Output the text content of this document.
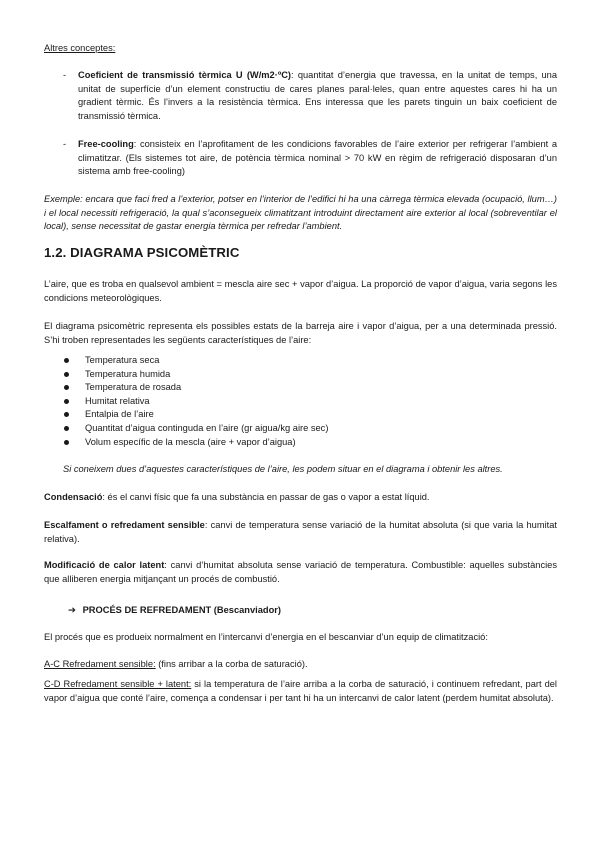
Altres conceptes:

- Coeficient de transmissió tèrmica U (W/m2·ºC): quantitat d’energia que travessa, en la unitat de temps, una unitat de superfície d’un element constructiu de cares planes paral·leles, quan entre aquestes cares hi ha un gradient tèrmic. És l’invers a la resistència tèrmica. Ens interessa que les parets tinguin un baix coeficient de transmissió tèrmica.

- Free-cooling: consisteix en l’aprofitament de les condicions favorables de l’aire exterior per refrigerar l’ambient a climatitzar. (Els sistemes tot aire, de potència tèrmica nominal > 70 kW en règim de refrigeració disposaran d’un sistema amb free-cooling)

Exemple: encara que faci fred a l’exterior, potser en l’interior de l’edifici hi ha una càrrega tèrmica elevada (ocupació, llum…) i el local necessiti refrigeració, la qual s’aconsegueix climatitzant introduint directament aire exterior al local (sobreventilar el local), sense necessitat de gastar energia tèrmica per refredar l’ambient.

1.2. DIAGRAMA PSICOMÈTRIC

L’aire, que es troba en qualsevol ambient = mescla aire sec + vapor d’aigua. La proporció de vapor d’aigua, varia segons les condicions meteorològiques.

El diagrama psicomètric representa els possibles estats de la barreja aire i vapor d’aigua, per a una determinada pressió. S’hi troben representades les següents característiques de l’aire:

Temperatura seca
Temperatura humida
Temperatura de rosada
Humitat relativa
Entalpia de l’aire
Quantitat d’aigua continguda en l’aire (gr aigua/kg aire sec)
Volum específic de la mescla (aire + vapor d’aigua)

Si coneixem dues d’aquestes característiques de l’aire, les podem situar en el diagrama i obtenir les altres.

Condensació: és el canvi físic que fa una substància en passar de gas o vapor a estat líquid.

Escalfament o refredament sensible: canvi de temperatura sense variació de la humitat absoluta (si que varia la humitat relativa).

Modificació de calor latent: canvi d’humitat absoluta sense variació de temperatura. Combustible: aquelles substàncies que alliberen energia mitjançant un procés de combustió.

➔ PROCÉS DE REFREDAMENT (Bescanviador)

El procés que es produeix normalment en l’intercanvi d’energia en el bescanviar d’un equip de climatització:

A-C Refredament sensible: (fins arribar a la corba de saturació).

C-D Refredament sensible + latent: si la temperatura de l’aire arriba a la corba de saturació, i continuem refredant, part del vapor d’aigua que conté l’aire, comença a condensar i per tant hi ha un intercanvi de calor latent (perdem humitat absoluta).
